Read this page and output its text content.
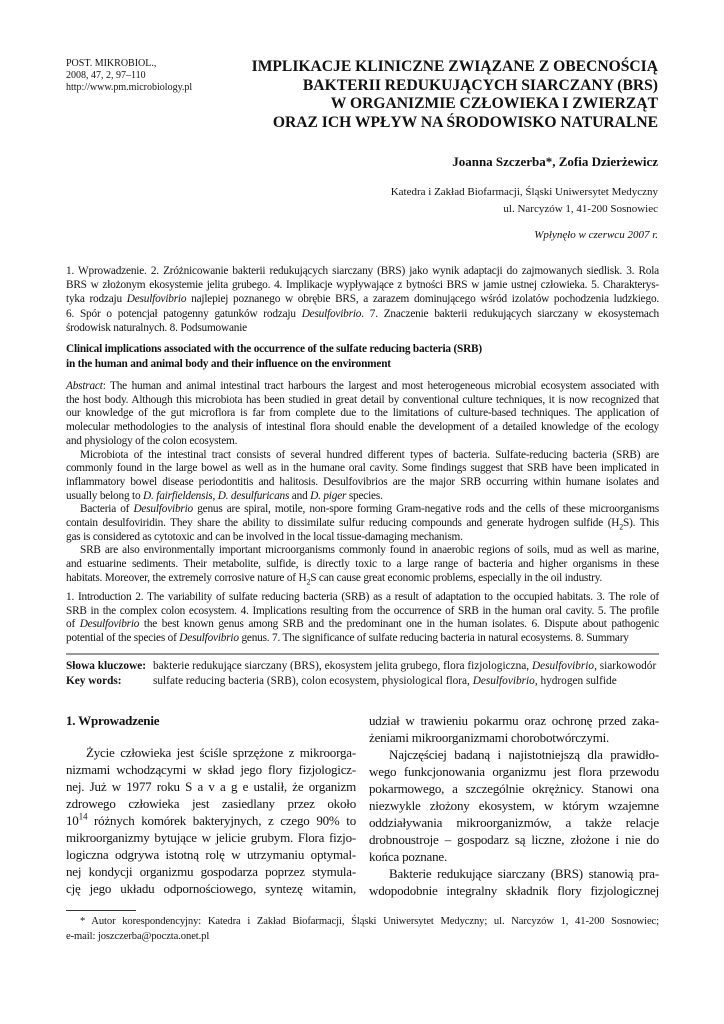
POST. MIKROBIOL.,
2008, 47, 2, 97–110
http://www.pm.microbiology.pl
IMPLIKACJE KLINICZNE ZWIĄZANE Z OBECNOŚCIĄ
BAKTERII REDUKUJĄCYCH SIARCZANY (BRS)
W ORGANIZMIE CZŁOWIEKA I ZWIERZĄT
ORAZ ICH WPŁYW NA ŚRODOWISKO NATURALNE
Joanna Szczerba*, Zofia Dzierżewicz
Katedra i Zakład Biofarmacji, Śląski Uniwersytet Medyczny
ul. Narcyzów 1, 41-200 Sosnowiec
Wpłynęło w czerwcu 2007 r.
1. Wprowadzenie. 2. Zróżnicowanie bakterii redukujących siarczany (BRS) jako wynik adaptacji do zajmowanych siedlisk. 3. Rola
BRS w złożonym ekosystemie jelita grubego. 4. Implikacje wypływające z bytności BRS w jamie ustnej człowieka. 5. Charakterys-
tyka rodzaju Desulfovibrio najlepiej poznanego w obrębie BRS, a zarazem dominującego wśród izolatów pochodzenia ludzkiego.
6. Spór o potencjał patogenny gatunków rodzaju Desulfovibrio. 7. Znaczenie bakterii redukujących siarczany w ekosystemach
środowisk naturalnych. 8. Podsumowanie
Clinical implications associated with the occurrence of the sulfate reducing bacteria (SRB)
in the human and animal body and their influence on the environment
Abstract: The human and animal intestinal tract harbours the largest and most heterogeneous microbial ecosystem associated with
the host body. Although this microbiota has been studied in great detail by conventional culture techniques, it is now recognized that
our knowledge of the gut microflora is far from complete due to the limitations of culture-based techniques. The application of
molecular methodologies to the analysis of intestinal flora should enable the development of a detailed knowledge of the ecology
and physiology of the colon ecosystem.
Microbiota of the intestinal tract consists of several hundred different types of bacteria. Sulfate-reducing bacteria (SRB) are
commonly found in the large bowel as well as in the humane oral cavity. Some findings suggest that SRB have been implicated in
inflammatory bowel disease periodontitis and halitosis. Desulfovibrios are the major SRB occurring within humane isolates and
usually belong to D. fairfieldensis, D. desulfuricans and D. piger species.
Bacteria of Desulfovibrio genus are spiral, motile, non-spore forming Gram-negative rods and the cells of these microorganisms
contain desulfoviridin. They share the ability to dissimilate sulfur reducing compounds and generate hydrogen sulfide $(H_2S)$. This
gas is considered as cytotoxic and can be involved in the local tissue-damaging mechanism.
SRB are also environmentally important microorganisms commonly found in anaerobic regions of soils, mud as well as marine,
and estuarine sediments. Their metabolite, sulfide, is directly toxic to a large range of bacteria and higher organisms in these
habitats. Moreover, the extremely corrosive nature of $H_2S$ can cause great economic problems, especially in the oil industry.
1. Introduction 2. The variability of sulfate reducing bacteria (SRB) as a result of adaptation to the occupied habitats. 3. The role of
SRB in the complex colon ecosystem. 4. Implications resulting from the occurrence of SRB in the human oral cavity. 5. The profile
of Desulfovibrio the best known genus among SRB and the predominant one in the human isolates. 6. Dispute about pathogenic
potential of the species of Desulfovibrio genus. 7. The significance of sulfate reducing bacteria in natural ecosystems. 8. Summary
Słowa kluczowe: bakterie redukujące siarczany (BRS), ekosystem jelita grubego, flora fizjologiczna, Desulfovibrio, siarkowodór
Key words:	sulfate reducing bacteria (SRB), colon ecosystem, physiological flora, Desulfovibrio, hydrogen sulfide
1. Wprowadzenie
Życie człowieka jest ściśle sprzężone z mikroorga-
nizmami wchodzącymi w skład jego flory fizjologicz-
nej. Już w 1977 roku S a v a g e ustalił, że organizm
zdrowego człowieka jest zasiedlany przez około
$10^{14}$ różnych komórek bakteryjnych, z czego 90% to
mikroorganizmy bytujące w jelicie grubym. Flora fizjo-
logiczna odgrywa istotną rolę w utrzymaniu optymal-
nej kondycji organizmu gospodarza poprzez stymula-
cję jego układu odpornościowego, syntezę witamin,
udział w trawieniu pokarmu oraz ochronę przed zaka-
żeniami mikroorganizmami chorobotwórczymi.
Najczęściej badaną i najistotniejszą dla prawidło-
wego funkcjonowania organizmu jest flora przewodu
pokarmowego, a szczególnie okrężnicy. Stanowi ona
niezwykle złożony ekosystem, w którym wzajemne
oddziaływania mikroorganizmów, a także relacje
drobnoustroje – gospodarz są liczne, złożone i nie do
końca poznane.
Bakterie redukujące siarczany (BRS) stanowią pra-
wdopodobnie integralny składnik flory fizjologicznej
* Autor korespondencyjny: Katedra i Zakład Biofarmacji, Śląski Uniwersytet Medyczny; ul. Narcyzów 1, 41-200 Sosnowiec;
e-mail: joszczerba@poczta.onet.pl
